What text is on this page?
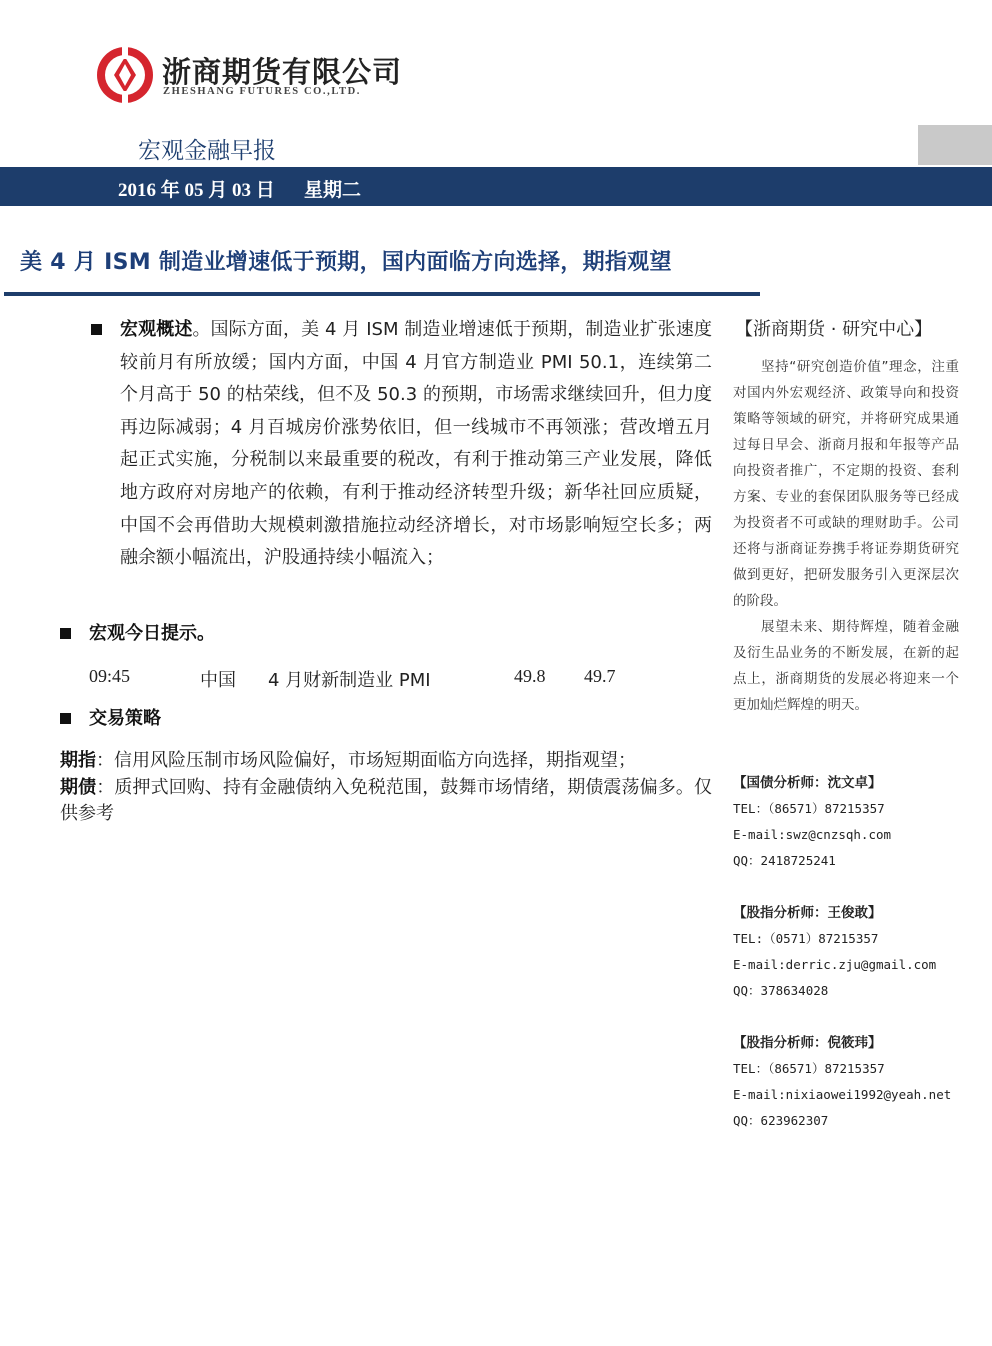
浙商期货有限公司
ZHESHANG FUTURES CO.,LTD.
宏观金融早报
2016 年 05 月 03 日 星期二
美 4 月 ISM 制造业增速低于预期，国内面临方向选择，期指观望
宏观概述。国际方面，美 4 月 ISM 制造业增速低于预期，制造业扩张速度较前月有所放缓；国内方面，中国 4 月官方制造业 PMI 50.1，连续第二个月高于 50 的枯荣线，但不及 50.3 的预期，市场需求继续回升，但力度再边际减弱；4 月百城房价涨势依旧，但一线城市不再领涨；营改增五月起正式实施，分税制以来最重要的税改，有利于推动第三产业发展，降低地方政府对房地产的依赖，有利于推动经济转型升级；新华社回应质疑，中国不会再借助大规模刺激措施拉动经济增长，对市场影响短空长多；两融余额小幅流出，沪股通持续小幅流入；
宏观今日提示。
09:45	中国 4 月财新制造业 PMI	49.8 49.7
交易策略
期指：信用风险压制市场风险偏好，市场短期面临方向选择，期指观望；
期债：质押式回购、持有金融债纳入免税范围，鼓舞市场情绪，期债震荡偏多。仅供参考
【浙商期货 · 研究中心】
坚持“研究创造价值”理念，注重对国内外宏观经济、政策导向和投资策略等领域的研究，并将研究成果通过每日早会、浙商月报和年报等产品向投资者推广，不定期的投资、套利方案、专业的套保团队服务等已经成为投资者不可或缺的理财助手。公司还将与浙商证券携手将证券期货研究做到更好，把研发服务引入更深层次的阶段。
展望未来、期待辉煌，随着金融及衍生品业务的不断发展，在新的起点上，浙商期货的发展必将迎来一个更加灿烂辉煌的明天。
【国债分析师：沈文卓】
TEL：（86571）87215357
E-mail:swz@cnzsqh.com
QQ：2418725241
【股指分析师：王俊敢】
TEL:（0571）87215357
E-mail:derric.zju@gmail.com
QQ：378634028
【股指分析师：倪筱玮】
TEL：（86571）87215357
E-mail:nixiaowei1992@yeah.net
QQ：623962307
